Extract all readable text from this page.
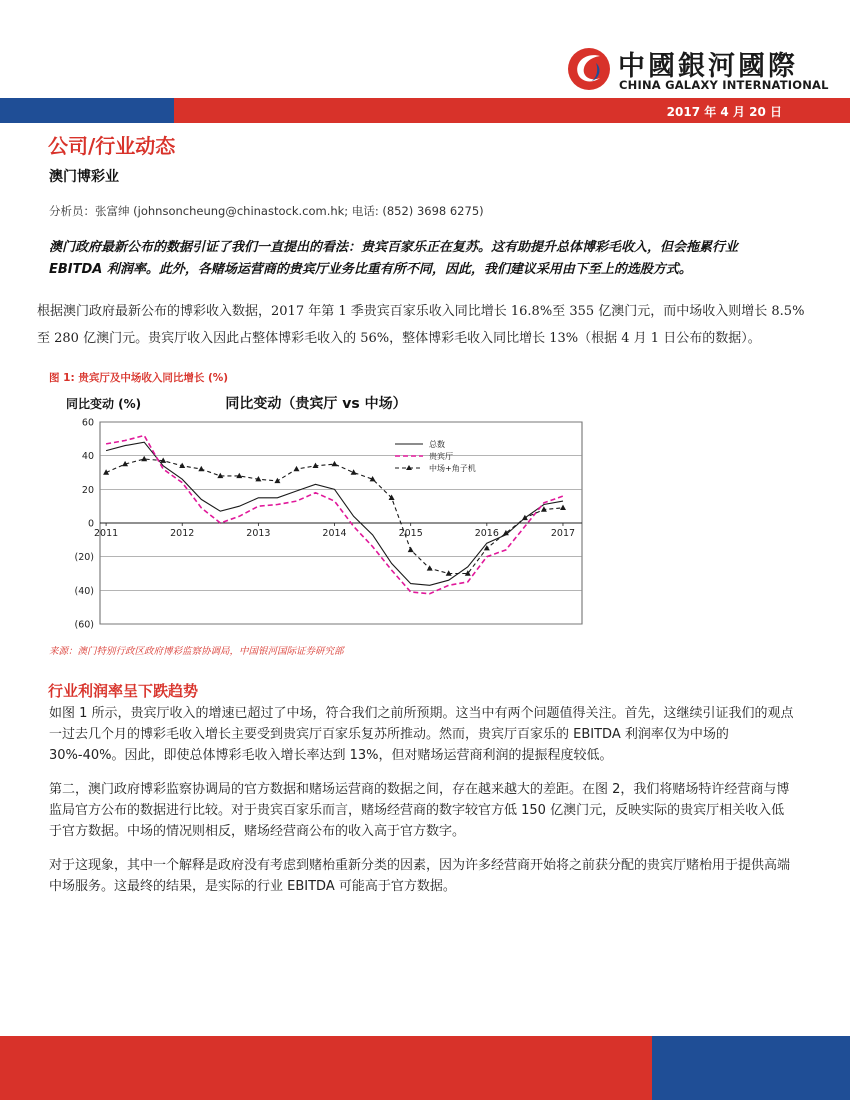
中國銀河國際
CHINA GALAXY INTERNATIONAL
2017 年 4 月 20 日
公司/行业动态
澳门博彩业
分析员：张富绅 (johnsoncheung@chinastock.com.hk; 电话: (852) 3698 6275)
澳门政府最新公布的数据引证了我们一直提出的看法：贵宾百家乐正在复苏。这有助提升总体博彩毛收入，但会拖累行业 EBITDA 利润率。此外，各赌场运营商的贵宾厅业务比重有所不同，因此，我们建议采用由下至上的选股方式。
根据澳门政府最新公布的博彩收入数据，2017 年第 1 季贵宾百家乐收入同比增长 16.8%至 355 亿澳门元，而中场收入则增长 8.5%至 280 亿澳门元。贵宾厅收入因此占整体博彩毛收入的 56%，整体博彩毛收入同比增长 13%（根据 4 月 1 日公布的数据）。
图 1: 贵宾厅及中场收入同比增长 (%)
60
40
20
0
(20)
(40)
(60)
2011	2012	2013	2014	2015	2016	2017
同比变动 (%)	同比变动（贵宾厅 vs 中场）
总数
贵宾厅
中场+角子机
来源：澳门特别行政区政府博彩监察协调局，中国银河国际证券研究部
行业利润率呈下跌趋势
如图 1 所示，贵宾厅收入的增速已超过了中场，符合我们之前所预期。这当中有两个问题值得关注。首先，这继续引证我们的观点一过去几个月的博彩毛收入增长主要受到贵宾厅百家乐复苏所推动。然而，贵宾厅百家乐的 EBITDA 利润率仅为中场的 30%-40%。因此，即使总体博彩毛收入增长率达到 13%，但对赌场运营商利润的提振程度较低。
第二，澳门政府博彩监察协调局的官方数据和赌场运营商的数据之间，存在越来越大的差距。在图 2，我们将赌场特许经营商与博监局官方公布的数据进行比较。对于贵宾百家乐而言，赌场经营商的数字较官方低 150 亿澳门元，反映实际的贵宾厅相关收入低于官方数据。中场的情况则相反，赌场经营商公布的收入高于官方数字。
对于这现象，其中一个解释是政府没有考虑到赌枱重新分类的因素，因为许多经营商开始将之前获分配的贵宾厅赌枱用于提供高端中场服务。这最终的结果，是实际的行业 EBITDA 可能高于官方数据。
